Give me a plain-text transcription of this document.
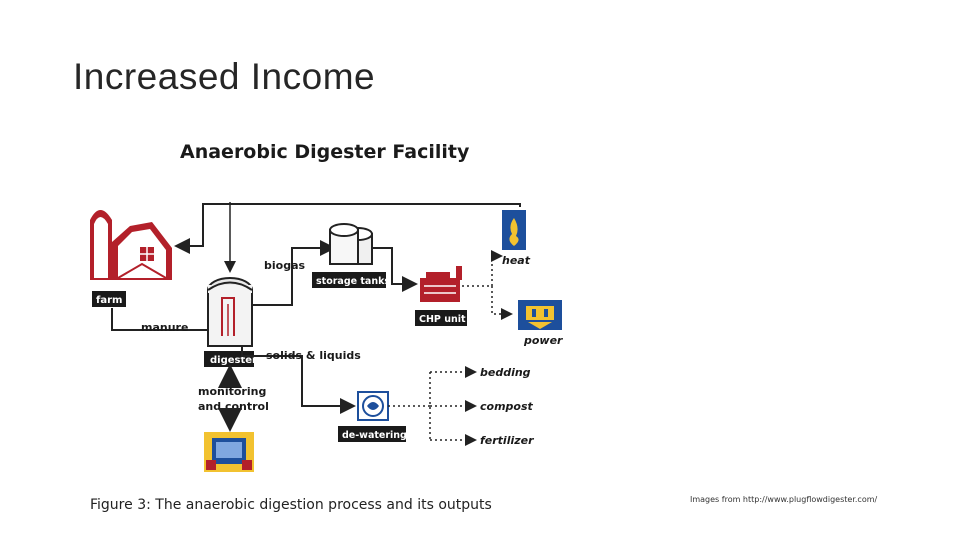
Increased Income
Anaerobic Digester Facility
farm
manure
digester
biogas
storage tanks
CHP unit
heat
power
solids & liquids
de-watering
bedding
compost
fertilizer
monitoring
and control

Figure 3: The anaerobic digestion process and its outputs	Images from http://www.plugflowdigester.com/
